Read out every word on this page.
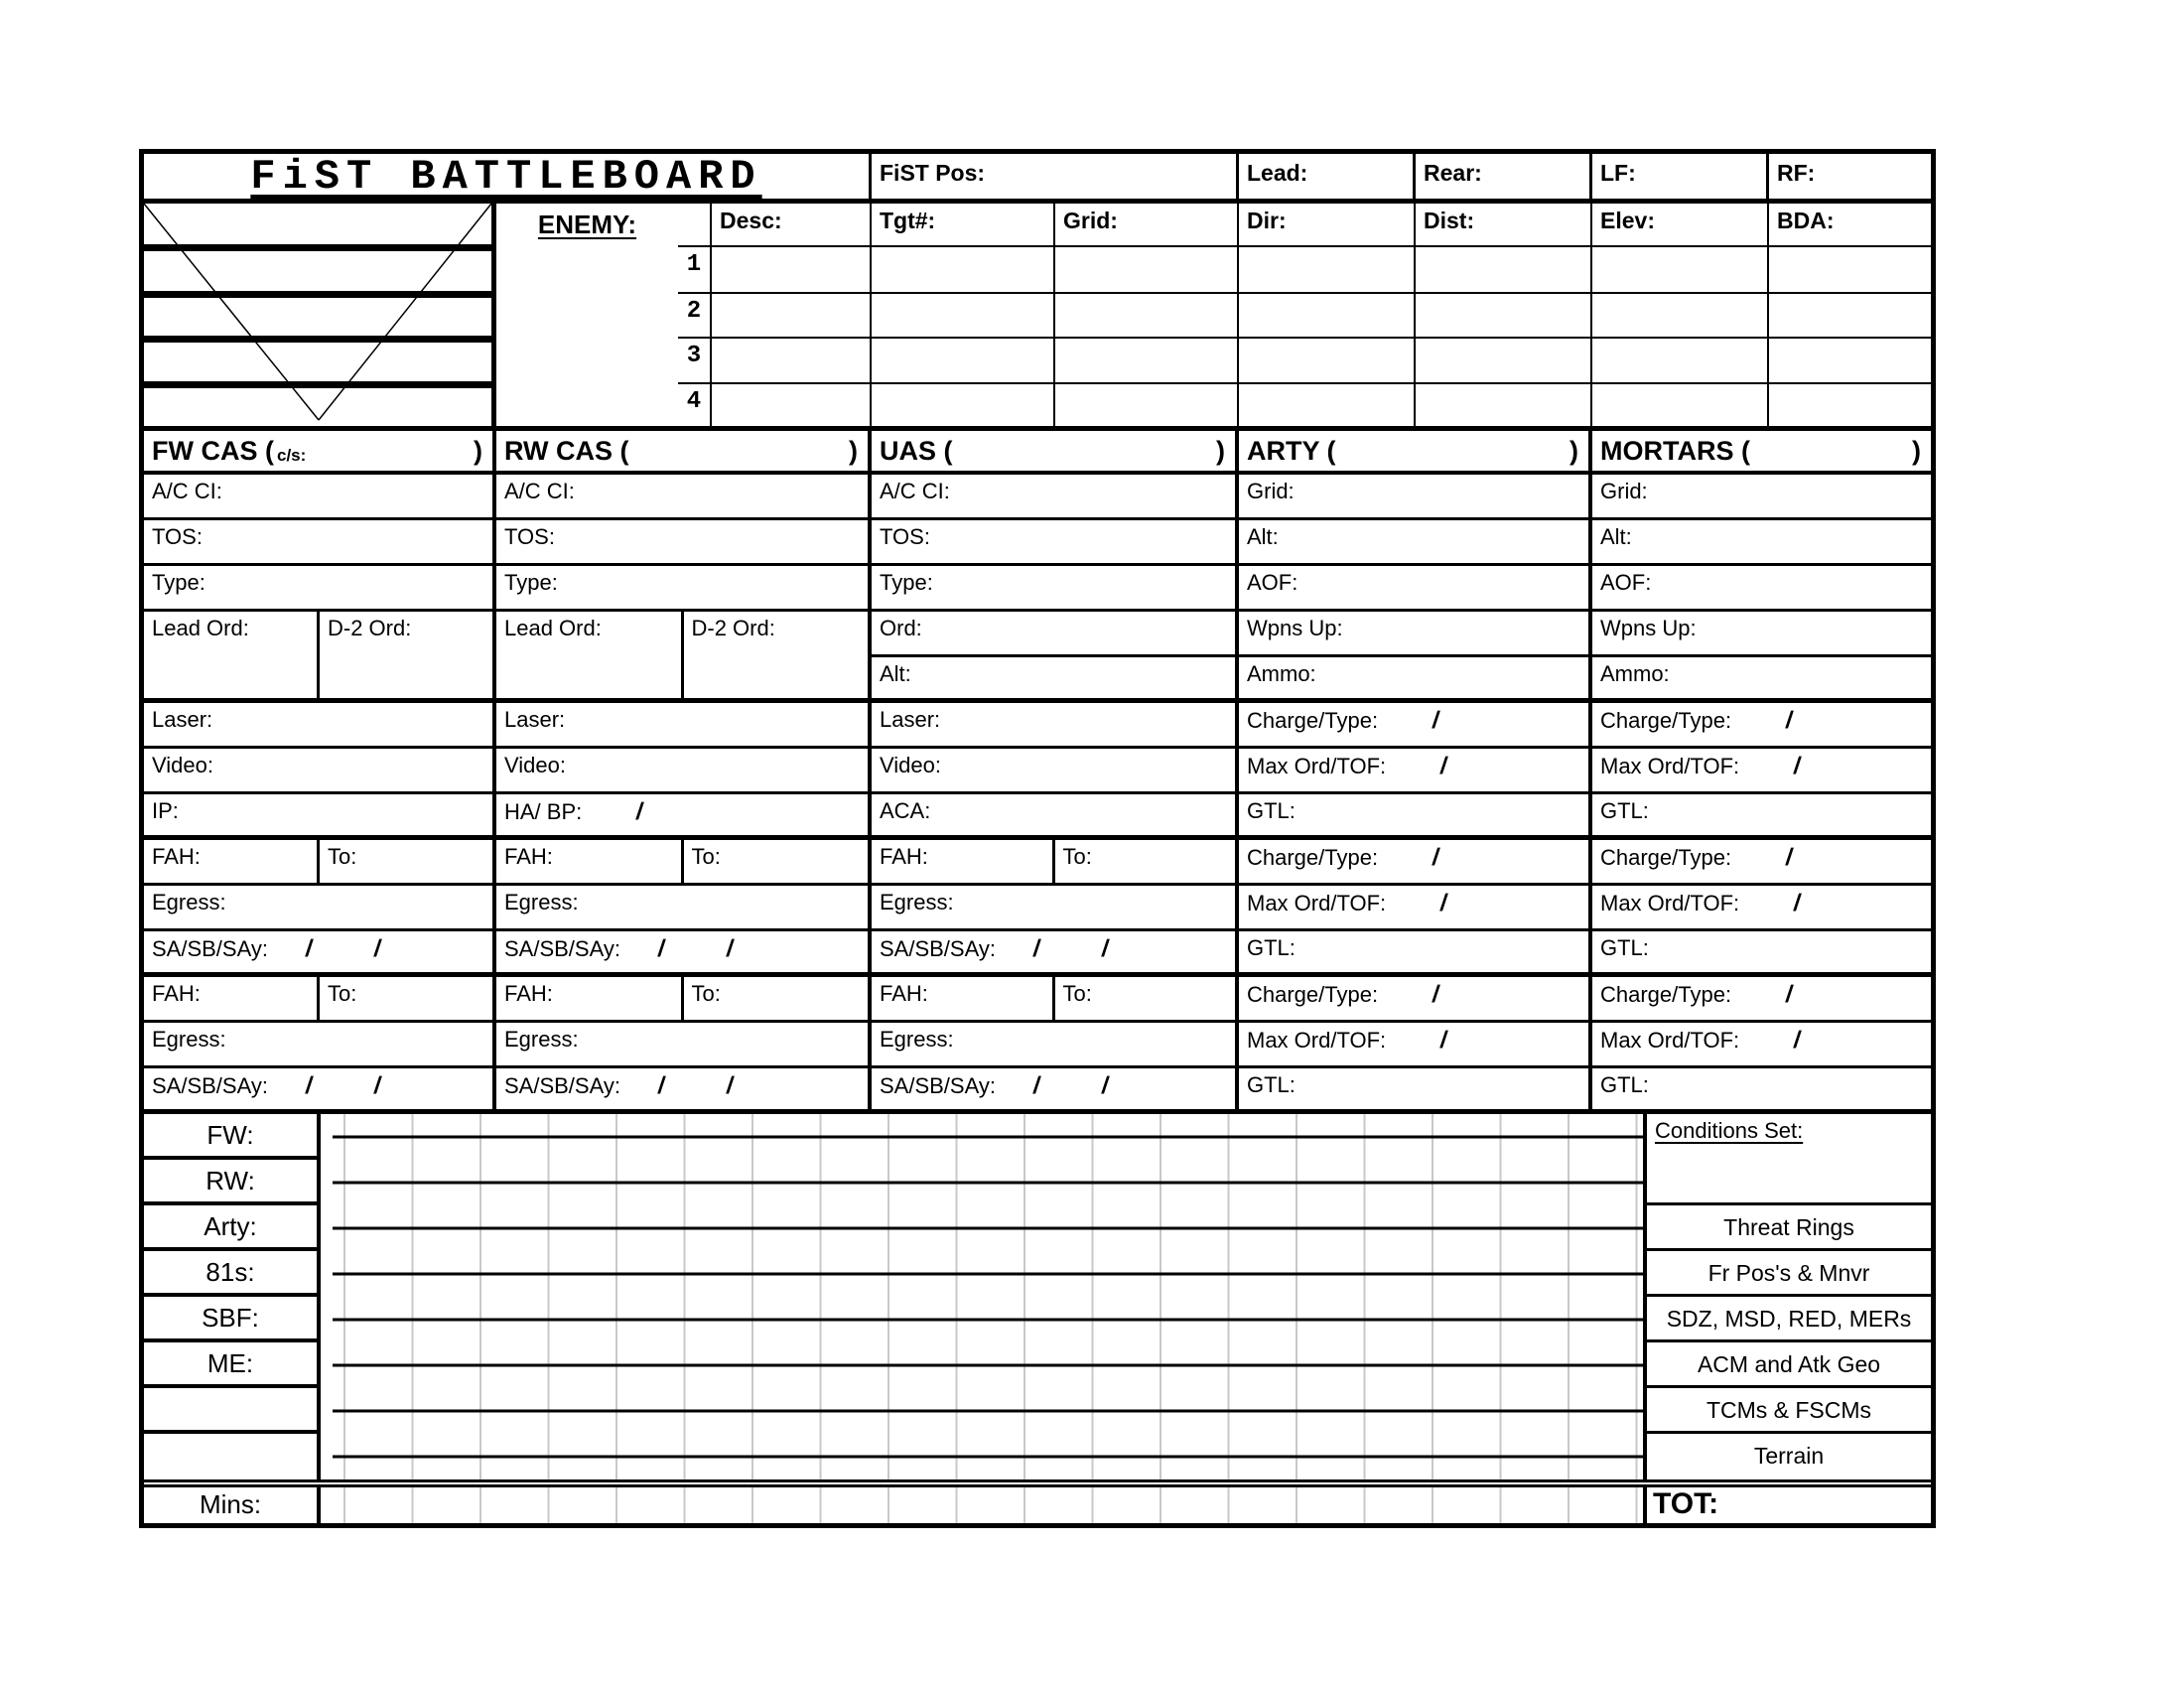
FiST BATTLEBOARD	FiST Pos:	Lead:	Rear:	LF:	RF:
ENEMY:
1
2
3
4
Desc:	Tgt#:	Grid:	Dir:	Dist:	Elev:	BDA:
FW CAS ( c/s:	)
A/C CI:
TOS:
Type:
Lead Ord:	D-2 Ord:
Laser:
Video:
IP:
FAH:	To:
Egress:
SA/SB/SAy: / /
FAH:	To:
Egress:
SA/SB/SAy: / /
RW CAS (	)
A/C CI:
TOS:
Type:
Lead Ord:	D-2 Ord:
Laser:
Video:
HA/ BP: /
FAH:	To:
Egress:
SA/SB/SAy: / /
FAH:	To:
Egress:
SA/SB/SAy: / /
UAS (	)
A/C CI:
TOS:
Type:
Ord:
Alt:
Laser:
Video:
ACA:
FAH:	To:
Egress:
SA/SB/SAy: / /
FAH:	To:
Egress:
SA/SB/SAy: / /
ARTY (	)
Grid:
Alt:
AOF:
Wpns Up:
Ammo:
Charge/Type: /
Max Ord/TOF: /
GTL:
Charge/Type: /
Max Ord/TOF: /
GTL:
Charge/Type: /
Max Ord/TOF: /
GTL:
MORTARS (	)
Grid:
Alt:
AOF:
Wpns Up:
Ammo:
Charge/Type: /
Max Ord/TOF: /
GTL:
Charge/Type: /
Max Ord/TOF: /
GTL:
Charge/Type: /
Max Ord/TOF: /
GTL:
FW:
RW:
Arty:
81s:
SBF:
ME:
Conditions Set:
Threat Rings
Fr Pos's & Mnvr
SDZ, MSD, RED, MERs
ACM and Atk Geo
TCMs & FSCMs
Terrain
Mins:	TOT:
